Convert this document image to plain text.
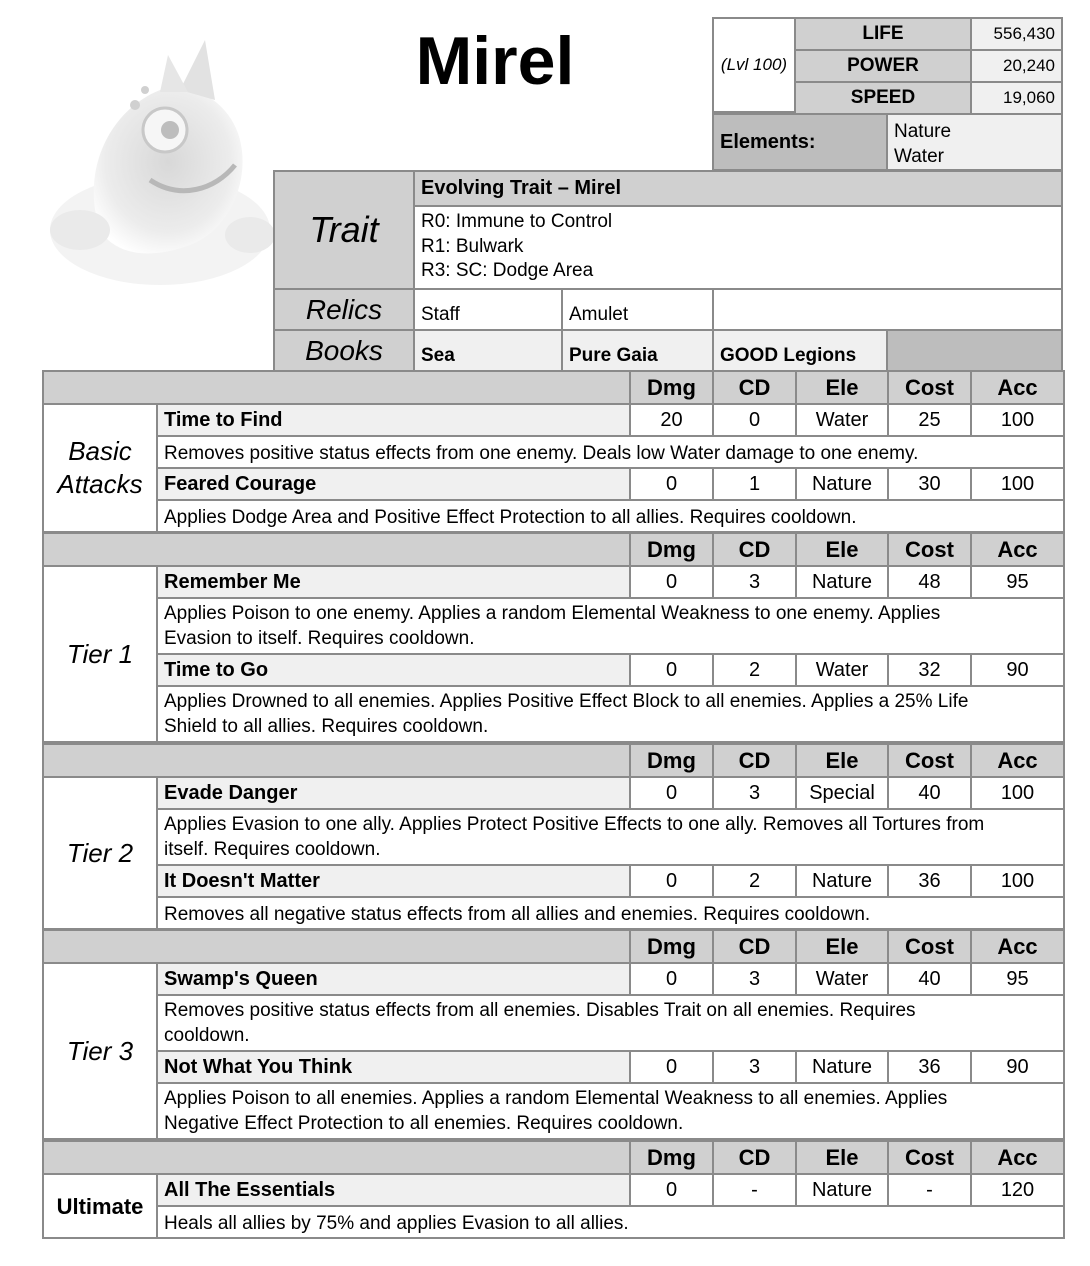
Mirel	(Lvl 100)
LIFE	556,430
POWER	20,240
SPEED	19,060
Elements:	Nature
Water
Trait
Evolving Trait – Mirel
R0: Immune to Control
R1: Bulwark
R3: SC: Dodge Area
Relics	Staff	Amulet
Books	Sea	Pure Gaia	GOOD Legions
Dmg	CD	Ele	Cost	Acc
Time to Find	20	0	Water	25	100
Removes positive status effects from one enemy. Deals low Water damage to one enemy.
Feared Courage	0	1	Nature	30	100
Applies Dodge Area and Positive Effect Protection to all allies. Requires cooldown.
Basic
Attacks
Dmg	CD	Ele	Cost	Acc
Remember Me	0	3	Nature	48	95
Applies Poison to one enemy. Applies a random Elemental Weakness to one enemy. Applies
Evasion to itself. Requires cooldown.
Time to Go	0	2	Water	32	90
Applies Drowned to all enemies. Applies Positive Effect Block to all enemies. Applies a 25% Life
Shield to all allies. Requires cooldown.
Tier 1
Dmg	CD	Ele	Cost	Acc
Evade Danger	0	3	Special	40	100
Applies Evasion to one ally. Applies Protect Positive Effects to one ally. Removes all Tortures from
itself. Requires cooldown.
It Doesn't Matter	0	2	Nature	36	100
Removes all negative status effects from all allies and enemies. Requires cooldown.
Tier 2
Dmg	CD	Ele	Cost	Acc
Swamp's Queen	0	3	Water	40	95
Removes positive status effects from all enemies. Disables Trait on all enemies. Requires
cooldown.
Not What You Think	0	3	Nature	36	90
Applies Poison to all enemies. Applies a random Elemental Weakness to all enemies. Applies
Negative Effect Protection to all enemies. Requires cooldown.
Tier 3
Dmg	CD	Ele	Cost	Acc
All The Essentials	0	-	Nature	-	120
Heals all allies by 75% and applies Evasion to all allies.
Ultimate
